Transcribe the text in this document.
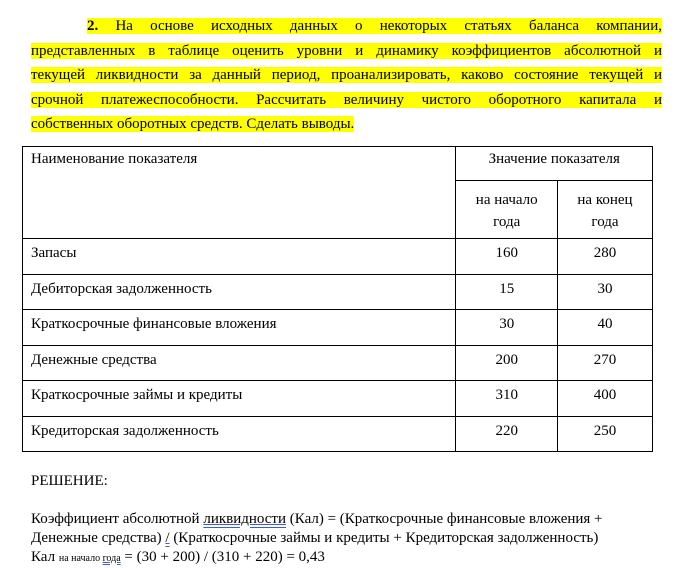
2. На основе исходных данных о некоторых статьях баланса компании,
представленных в таблице оценить уровни и динамику коэффициентов абсолютной и
текущей ликвидности за данный период, проанализировать, каково состояние текущей и
срочной платежеспособности. Рассчитать величину чистого оборотного капитала и
собственных оборотных средств. Сделать выводы.
Наименование показателя	Значение показателя	
	на начало года	на конец года
Запасы	160	280
Дебиторская задолженность	15	30
Краткосрочные финансовые вложения	30	40
Денежные средства	200	270
Краткосрочные займы и кредиты	310	400
Кредиторская задолженность	220	250
РЕШЕНИЕ:
Коэффициент абсолютной ликвидности (Кал) = (Краткосрочные финансовые вложения +
Денежные средства) / (Краткосрочные займы и кредиты + Кредиторская задолженность)
Кал на начало года = (30 + 200) / (310 + 220) = 0,43
